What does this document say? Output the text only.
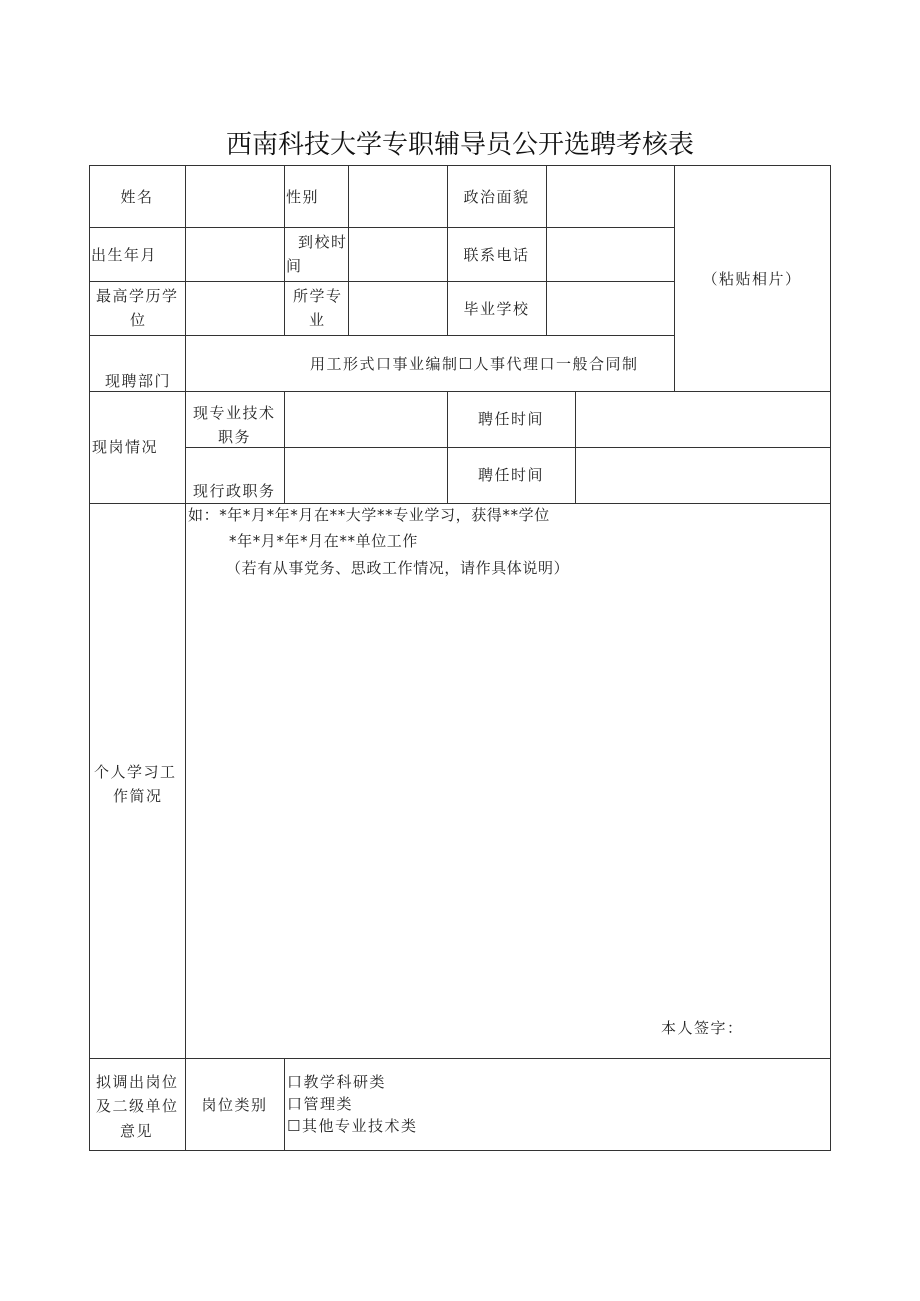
西南科技大学专职辅导员公开选聘考核表
姓名	性别	政治面貌
（粘贴相片）
出生年月
到校时
间
联系电话
最高学历学
位
所学专
业
毕业学校
现聘部门
用工形式口事业编制☐人事代理口一般合同制
现岗情况
现专业技术
职务
聘任时间
现行政职务
聘任时间
个人学习工
作简况
如：*年*月*年*月在**大学**专业学习，获得**学位
*年*月*年*月在**单位工作
（若有从事党务、思政工作情况，请作具体说明）
本人签字：
拟调出岗位
及二级单位
意见
岗位类别
口教学科研类
口管理类
☐其他专业技术类
